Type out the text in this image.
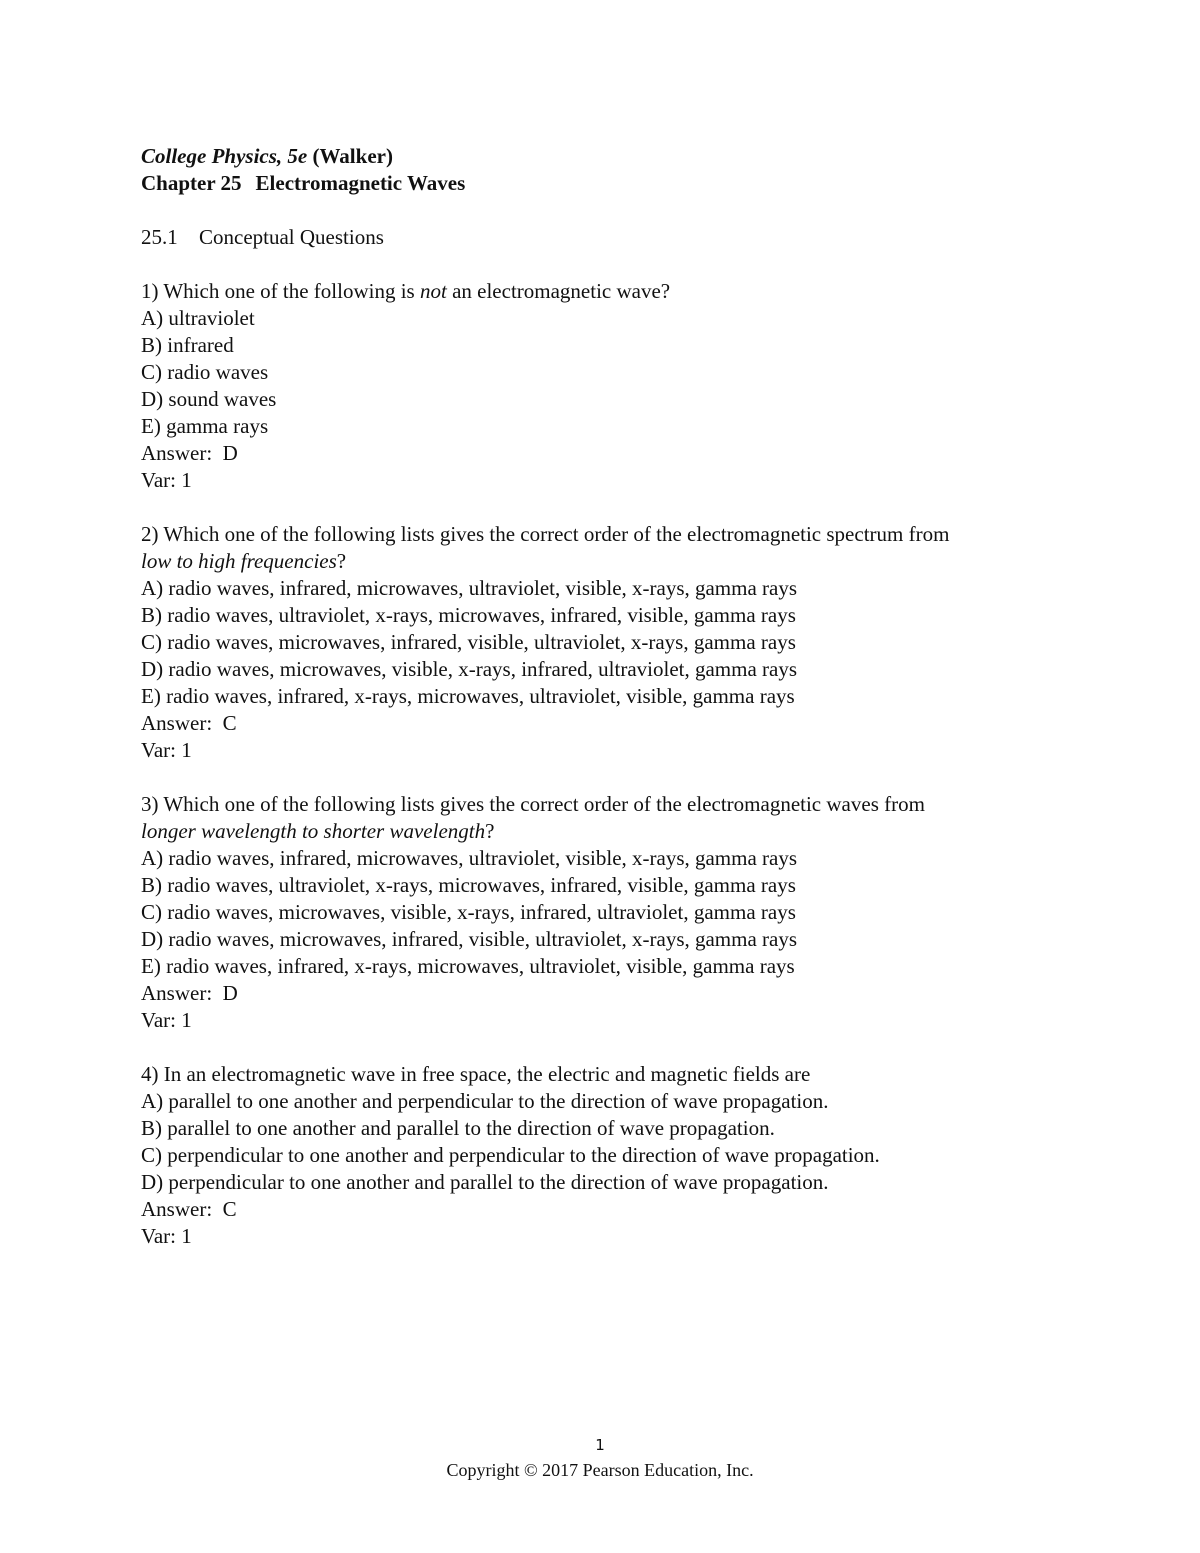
College Physics, 5e (Walker)

Chapter 25 Electromagnetic Waves

25.1 Conceptual Questions

1) Which one of the following is not an electromagnetic wave?

A) ultraviolet

B) infrared

C) radio waves

D) sound waves

E) gamma rays

Answer:  D

Var: 1

2) Which one of the following lists gives the correct order of the electromagnetic spectrum from

low to high frequencies?

A) radio waves, infrared, microwaves, ultraviolet, visible, x-rays, gamma rays

B) radio waves, ultraviolet, x-rays, microwaves, infrared, visible, gamma rays

C) radio waves, microwaves, infrared, visible, ultraviolet, x-rays, gamma rays

D) radio waves, microwaves, visible, x-rays, infrared, ultraviolet, gamma rays

E) radio waves, infrared, x-rays, microwaves, ultraviolet, visible, gamma rays

Answer:  C

Var: 1

3) Which one of the following lists gives the correct order of the electromagnetic waves from

longer wavelength to shorter wavelength?

A) radio waves, infrared, microwaves, ultraviolet, visible, x-rays, gamma rays

B) radio waves, ultraviolet, x-rays, microwaves, infrared, visible, gamma rays

C) radio waves, microwaves, visible, x-rays, infrared, ultraviolet, gamma rays

D) radio waves, microwaves, infrared, visible, ultraviolet, x-rays, gamma rays

E) radio waves, infrared, x-rays, microwaves, ultraviolet, visible, gamma rays

Answer:  D

Var: 1

4) In an electromagnetic wave in free space, the electric and magnetic fields are

A) parallel to one another and perpendicular to the direction of wave propagation.

B) parallel to one another and parallel to the direction of wave propagation.

C) perpendicular to one another and perpendicular to the direction of wave propagation.

D) perpendicular to one another and parallel to the direction of wave propagation.

Answer:  C

Var: 1

1
Copyright © 2017 Pearson Education, Inc.
